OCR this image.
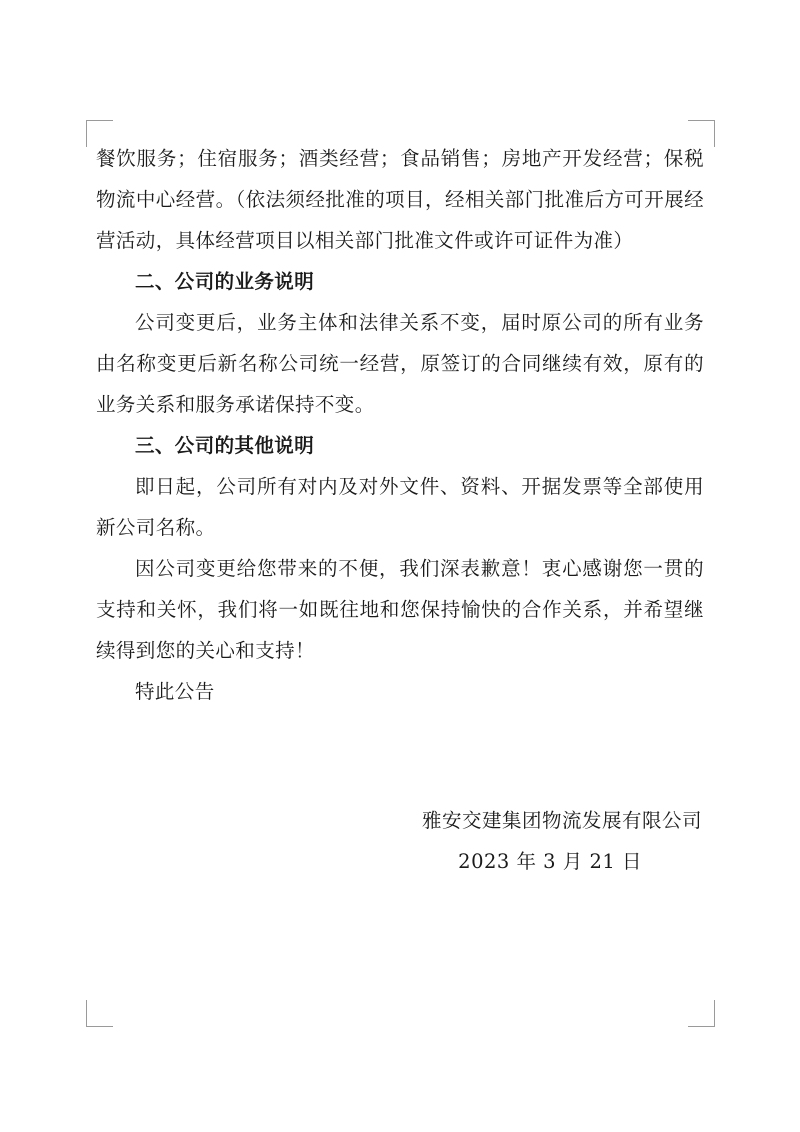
餐饮服务；住宿服务；酒类经营；食品销售；房地产开发经营；保税物流中心经营。（依法须经批准的项目，经相关部门批准后方可开展经营活动，具体经营项目以相关部门批准文件或许可证件为准）

二、公司的业务说明

公司变更后，业务主体和法律关系不变，届时原公司的所有业务由名称变更后新名称公司统一经营，原签订的合同继续有效，原有的业务关系和服务承诺保持不变。

三、公司的其他说明

即日起，公司所有对内及对外文件、资料、开据发票等全部使用新公司名称。

因公司变更给您带来的不便，我们深表歉意！衷心感谢您一贯的支持和关怀，我们将一如既往地和您保持愉快的合作关系，并希望继续得到您的关心和支持！

特此公告

雅安交建集团物流发展有限公司
2023 年 3 月 21 日
